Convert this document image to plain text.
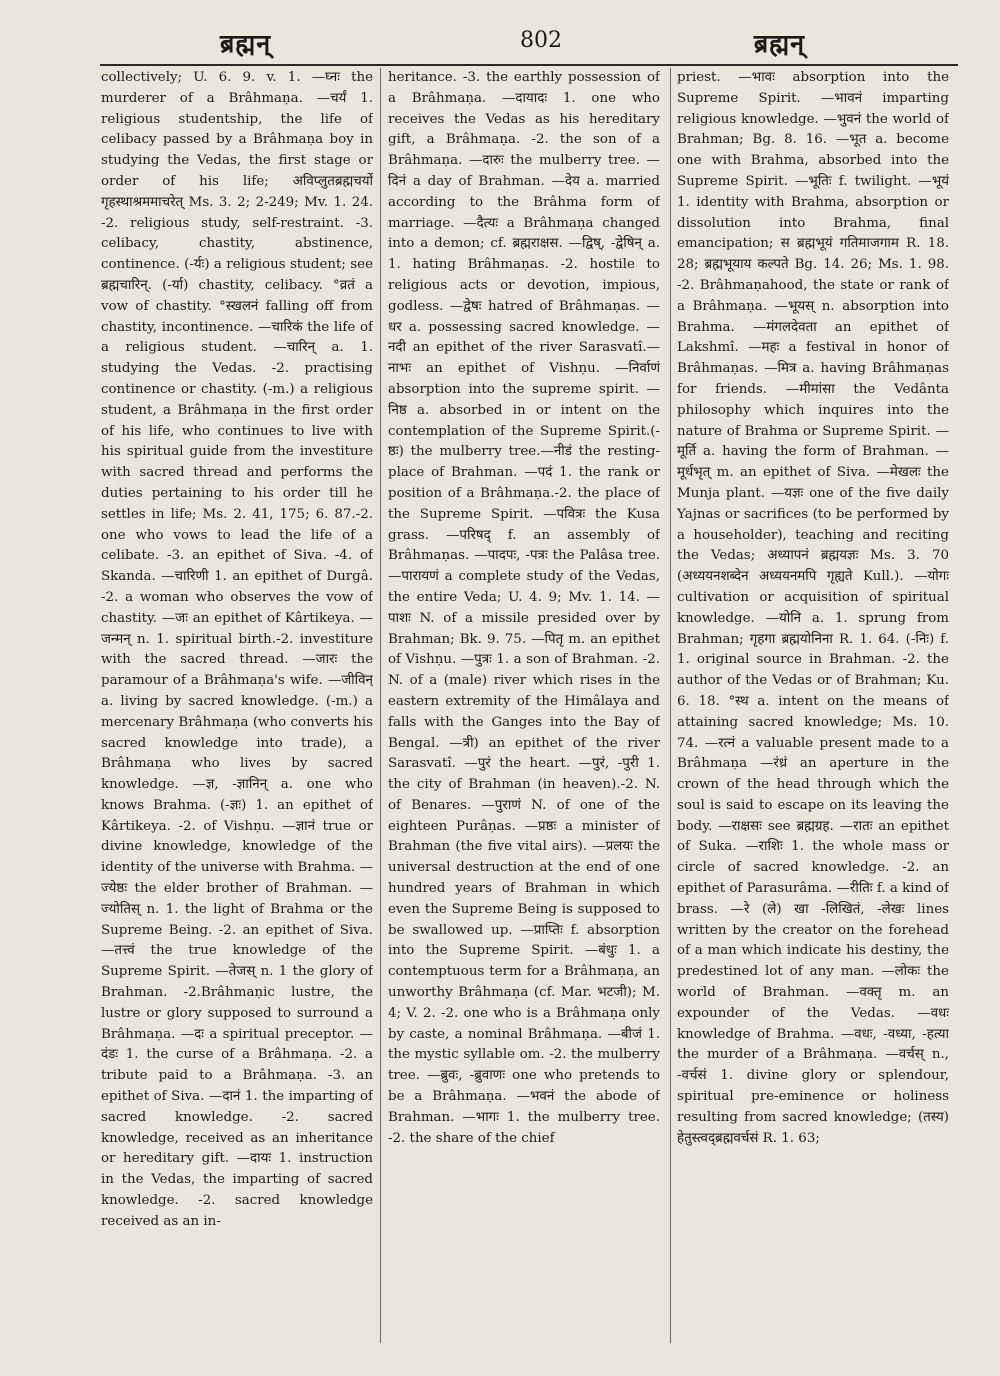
ब्रह्मन्	802	ब्रह्मन्

collectively; U. 6. 9. v. 1. —घ्नः the murderer of a Brâhmaṇa. —चर्यं 1. religious studentship, the life of celibacy passed by a Brâhmaṇa boy in studying the Vedas, the first stage or order of his life; अविप्लुतब्रह्मचर्यो गृहस्थाश्रममाचरेत् Ms. 3. 2; 2-249; Mv. 1. 24. -2. religious study, self-restraint. -3. celibacy, chastity, abstinence, continence. (-र्यः) a religious student; see ब्रह्मचारिन्. (-र्या) chastity, celibacy. °व्रतं a vow of chastity. °स्खलनं falling off from chastity, incontinence. —चारिकं the life of a religious student. —चारिन् a. 1. studying the Vedas. -2. practising continence or chastity. (-m.) a religious student, a Brâhmaṇa in the first order of his life, who continues to live with his spiritual guide from the investiture with sacred thread and performs the duties pertaining to his order till he settles in life; Ms. 2. 41, 175; 6. 87.-2. one who vows to lead the life of a celibate. -3. an epithet of Siva. -4. of Skanda. —चारिणी 1. an epithet of Durgâ. -2. a woman who observes the vow of chastity. —जः an epithet of Kârtikeya. —जन्मन् n. 1. spiritual birth.-2. investiture with the sacred thread. —जारः the paramour of a Brâhmaṇa's wife. —जीविन् a. living by sacred knowledge. (-m.) a mercenary Brâhmaṇa (who converts his sacred knowledge into trade), a Brâhmaṇa who lives by sacred knowledge. —ज्ञ, -ज्ञानिन् a. one who knows Brahma. (-ज्ञः) 1. an epithet of Kârtikeya. -2. of Vishṇu. —ज्ञानं true or divine knowledge, knowledge of the identity of the universe with Brahma. —ज्येष्ठः the elder brother of Brahman. —ज्योतिस् n. 1. the light of Brahma or the Supreme Being. -2. an epithet of Siva. —तत्त्वं the true knowledge of the Supreme Spirit. —तेजस् n. 1 the glory of Brahman. -2.Brâhmaṇic lustre, the lustre or glory supposed to surround a Brâhmaṇa. —दः a spiritual preceptor. —दंडः 1. the curse of a Brâhmaṇa. -2. a tribute paid to a Brâhmaṇa. -3. an epithet of Siva. —दानं 1. the imparting of sacred knowledge. -2. sacred knowledge, received as an inheritance or hereditary gift. —दायः 1. instruction in the Vedas, the imparting of sacred knowledge. -2. sacred knowledge received as an in-

heritance. -3. the earthly possession of a Brâhmaṇa. —दायादः 1. one who receives the Vedas as his hereditary gift, a Brâhmaṇa. -2. the son of a Brâhmaṇa. —दारुः the mulberry tree. —दिनं a day of Brahman. —देय a. married according to the Brâhma form of marriage. —दैत्यः a Brâhmaṇa changed into a demon; cf. ब्रह्मराक्षस. —द्विष्, -द्वेषिन् a. 1. hating Brâhmaṇas. -2. hostile to religious acts or devotion, impious, godless. —द्वेषः hatred of Brâhmaṇas. —धर a. possessing sacred knowledge. —नदी an epithet of the river Sarasvatî.—नाभः an epithet of Vishṇu. —निर्वाणं absorption into the supreme spirit. —निष्ठ a. absorbed in or intent on the contemplation of the Supreme Spirit.(-ष्ठः) the mulberry tree.—नीडं the resting-place of Brahman. —पदं 1. the rank or position of a Brâhmaṇa.-2. the place of the Supreme Spirit. —पवित्रः the Kusa grass. —परिषद् f. an assembly of Brâhmaṇas. —पादपः, -पत्रः the Palâsa tree. —पारायणं a complete study of the Vedas, the entire Veda; U. 4. 9; Mv. 1. 14. —पाशः N. of a missile presided over by Brahman; Bk. 9. 75. —पितृ m. an epithet of Vishṇu. —पुत्रः 1. a son of Brahman. -2. N. of a (male) river which rises in the eastern extremity of the Himâlaya and falls with the Ganges into the Bay of Bengal. —त्री) an epithet of the river Sarasvatî. —पुरं the heart. —पुरं, -पुरी 1. the city of Brahman (in heaven).-2. N. of Benares. —पुराणं N. of one of the eighteen Purâṇas. —प्रष्ठः a minister of Brahman (the five vital airs). —प्रलयः the universal destruction at the end of one hundred years of Brahman in which even the Supreme Being is supposed to be swallowed up. —प्राप्तिः f. absorption into the Supreme Spirit. —बंधुः 1. a contemptuous term for a Brâhmaṇa, an unworthy Brâhmaṇa (cf. Mar. भटजी); M. 4; V. 2. -2. one who is a Brâhmaṇa only by caste, a nominal Brâhmaṇa. —बीजं 1. the mystic syllable om. -2. the mulberry tree. —ब्रुवः, -ब्रुवाणः one who pretends to be a Brâhmaṇa. —भवनं the abode of Brahman. —भागः 1. the mulberry tree. -2. the share of the chief

priest. —भावः absorption into the Supreme Spirit. —भावनं imparting religious knowledge. —भुवनं the world of Brahman; Bg. 8. 16. —भूत a. become one with Brahma, absorbed into the Supreme Spirit. —भूतिः f. twilight. —भूयं 1. identity with Brahma, absorption or dissolution into Brahma, final emancipation; स ब्रह्मभूयं गतिमाजगाम R. 18. 28; ब्रह्मभूयाय कल्पते Bg. 14. 26; Ms. 1. 98. -2. Brâhmaṇahood, the state or rank of a Brâhmaṇa. —भूयस् n. absorption into Brahma. —मंगलदेवता an epithet of Lakshmî. —महः a festival in honor of Brâhmaṇas. —मित्र a. having Brâhmaṇas for friends. —मीमांसा the Vedânta philosophy which inquires into the nature of Brahma or Supreme Spirit. —मूर्ति a. having the form of Brahman. —मूर्धभृत् m. an epithet of Siva. —मेखलः the Munja plant. —यज्ञः one of the five daily Yajnas or sacrifices (to be performed by a householder), teaching and reciting the Vedas; अध्यापनं ब्रह्मयज्ञः Ms. 3. 70 (अध्ययनशब्देन अध्ययनमपि गृह्यते Kull.). —योगः cultivation or acquisition of spiritual knowledge. —योनि a. 1. sprung from Brahman; गृहगा ब्रह्मयोनिना R. 1. 64. (-निः) f. 1. original source in Brahman. -2. the author of the Vedas or of Brahman; Ku. 6. 18. °स्थ a. intent on the means of attaining sacred knowledge; Ms. 10. 74. —रत्नं a valuable present made to a Brâhmaṇa —रंध्रं an aperture in the crown of the head through which the soul is said to escape on its leaving the body. —राक्षसः see ब्रह्मग्रह. —रातः an epithet of Suka. —राशिः 1. the whole mass or circle of sacred knowledge. -2. an epithet of Parasurâma. —रीतिः f. a kind of brass. —रे (ले) खा -लिखितं, -लेखः lines written by the creator on the forehead of a man which indicate his destiny, the predestined lot of any man. —लोकः the world of Brahman. —वक्तृ m. an expounder of the Vedas. —वधः knowledge of Brahma. —वधः, -वध्या, -हत्या the murder of a Brâhmaṇa. —वर्चस् n., -वर्चसं 1. divine glory or splendour, spiritual pre-eminence or holiness resulting from sacred knowledge; (तस्य) हेतुस्त्वद्ब्रह्मवर्चसं R. 1. 63;
